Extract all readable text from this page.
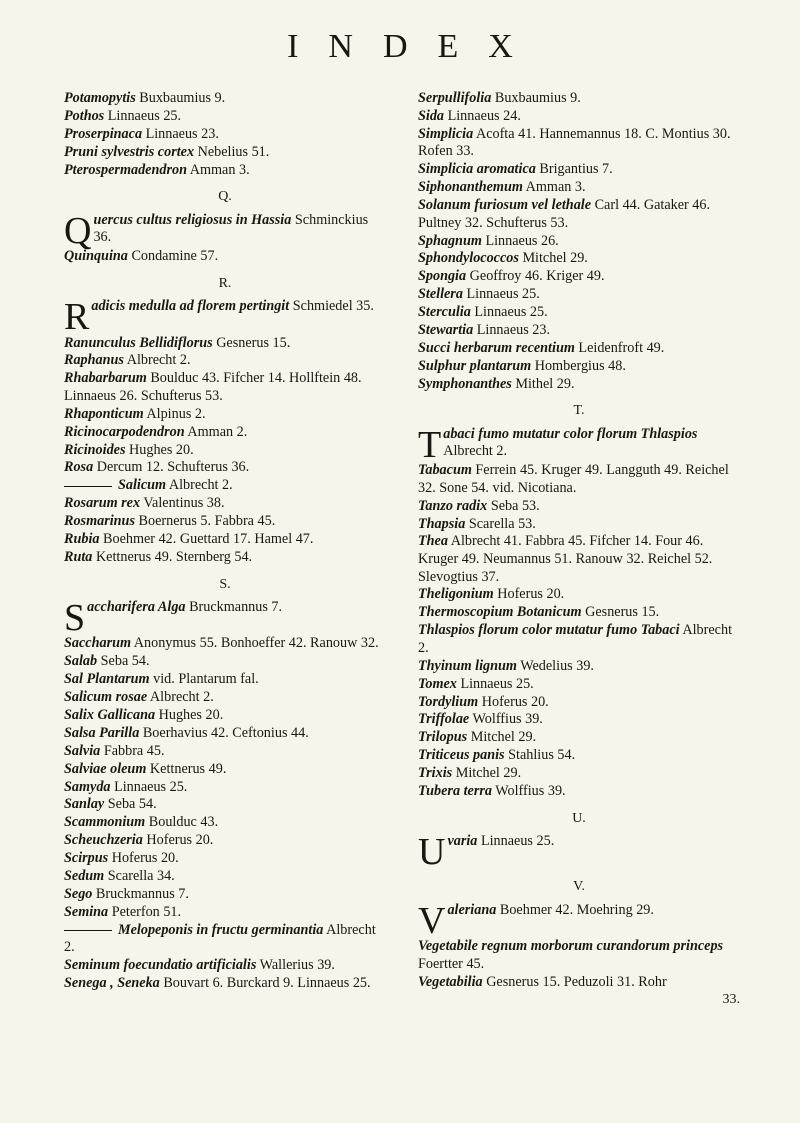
INDEX
Potamopytis Buxbaumius 9.
Pothos Linnaeus 25.
Proserpinaca Linnaeus 23.
Pruni sylvestris cortex Nebelius 51.
Pterospermadendron Amman 3.
Q.
Quercus cultus religiosus in Hassia Schminckius 36.
Quinquina Condamine 57.
R.
Radicis medulla ad florem pertingit Schmiedel 35.
Ranunculus Bellidiflorus Gesnerus 15.
Raphanus Albrecht 2.
Rhabarbarum Boulduc 43. Fifcher 14. Hollftein 48. Linnaeus 26. Schufterus 53.
Rhaponticum Alpinus 2.
Ricinocarpodendron Amman 2.
Ricinoides Hughes 20.
Rosa Dercum 12. Schufterus 36.
Salicum Albrecht 2.
Rosarum rex Valentinus 38.
Rosmarinus Boernerus 5. Fabbra 45.
Rubia Boehmer 42. Guettard 17. Hamel 47.
Ruta Kettnerus 49. Sternberg 54.
S.
Saccharifera Alga Bruckmannus 7.
Saccharum Anonymus 55. Bonhoeffer 42. Ranouw 32.
Salab Seba 54.
Sal Plantarum vid. Plantarum fal.
Salicum rosae Albrecht 2.
Salix Gallicana Hughes 20.
Salsa Parilla Boerhavius 42. Ceftonius 44.
Salvia Fabbra 45.
Salviae oleum Kettnerus 49.
Samyda Linnaeus 25.
Sanlay Seba 54.
Scammonium Boulduc 43.
Scheuchzeria Hoferus 20.
Scirpus Hoferus 20.
Sedum Scarella 34.
Sego Bruckmannus 7.
Semina Peterfon 51.
Melopeponis in fructu germinantia Albrecht 2.
Seminum foecundatio artificialis Wallerius 39.
Senega , Seneka Bouvart 6. Burckard 9. Linnaeus 25.
Serpullifolia Buxbaumius 9.
Sida Linnaeus 24.
Simplicia Acofta 41. Hannemannus 18. C. Montius 30. Rofen 33.
Simplicia aromatica Brigantius 7.
Siphonanthemum Amman 3.
Solanum furiosum vel lethale Carl 44. Gataker 46. Pultney 32. Schufterus 53.
Sphagnum Linnaeus 26.
Sphondylococcos Mitchel 29.
Spongia Geoffroy 46. Kriger 49.
Stellera Linnaeus 25.
Sterculia Linnaeus 25.
Stewartia Linnaeus 23.
Succi herbarum recentium Leidenfroft 49.
Sulphur plantarum Hombergius 48.
Symphonanthes Mithel 29.
T.
Tabaci fumo mutatur color florum Thlaspios Albrecht 2.
Tabacum Ferrein 45. Kruger 49. Langguth 49. Reichel 32. Sone 54. vid. Nicotiana.
Tanzo radix Seba 53.
Thapsia Scarella 53.
Thea Albrecht 41. Fabbra 45. Fifcher 14. Four 46. Kruger 49. Neumannus 51. Ranouw 32. Reichel 52. Slevogtius 37.
Theligonium Hoferus 20.
Thermoscopium Botanicum Gesnerus 15.
Thlaspios florum color mutatur fumo Tabaci Albrecht 2.
Thyinum lignum Wedelius 39.
Tomex Linnaeus 25.
Tordylium Hoferus 20.
Triffolae Wolffius 39.
Trilopus Mitchel 29.
Triticeus panis Stahlius 54.
Trixis Mitchel 29.
Tubera terra Wolffius 39.
U.
Uvaria Linnaeus 25.
V.
Valeriana Boehmer 42. Moehring 29.
Vegetabile regnum morborum curandorum princeps Foertter 45.
Vegetabilia Gesnerus 15. Peduzoli 31. Rohr
33.
